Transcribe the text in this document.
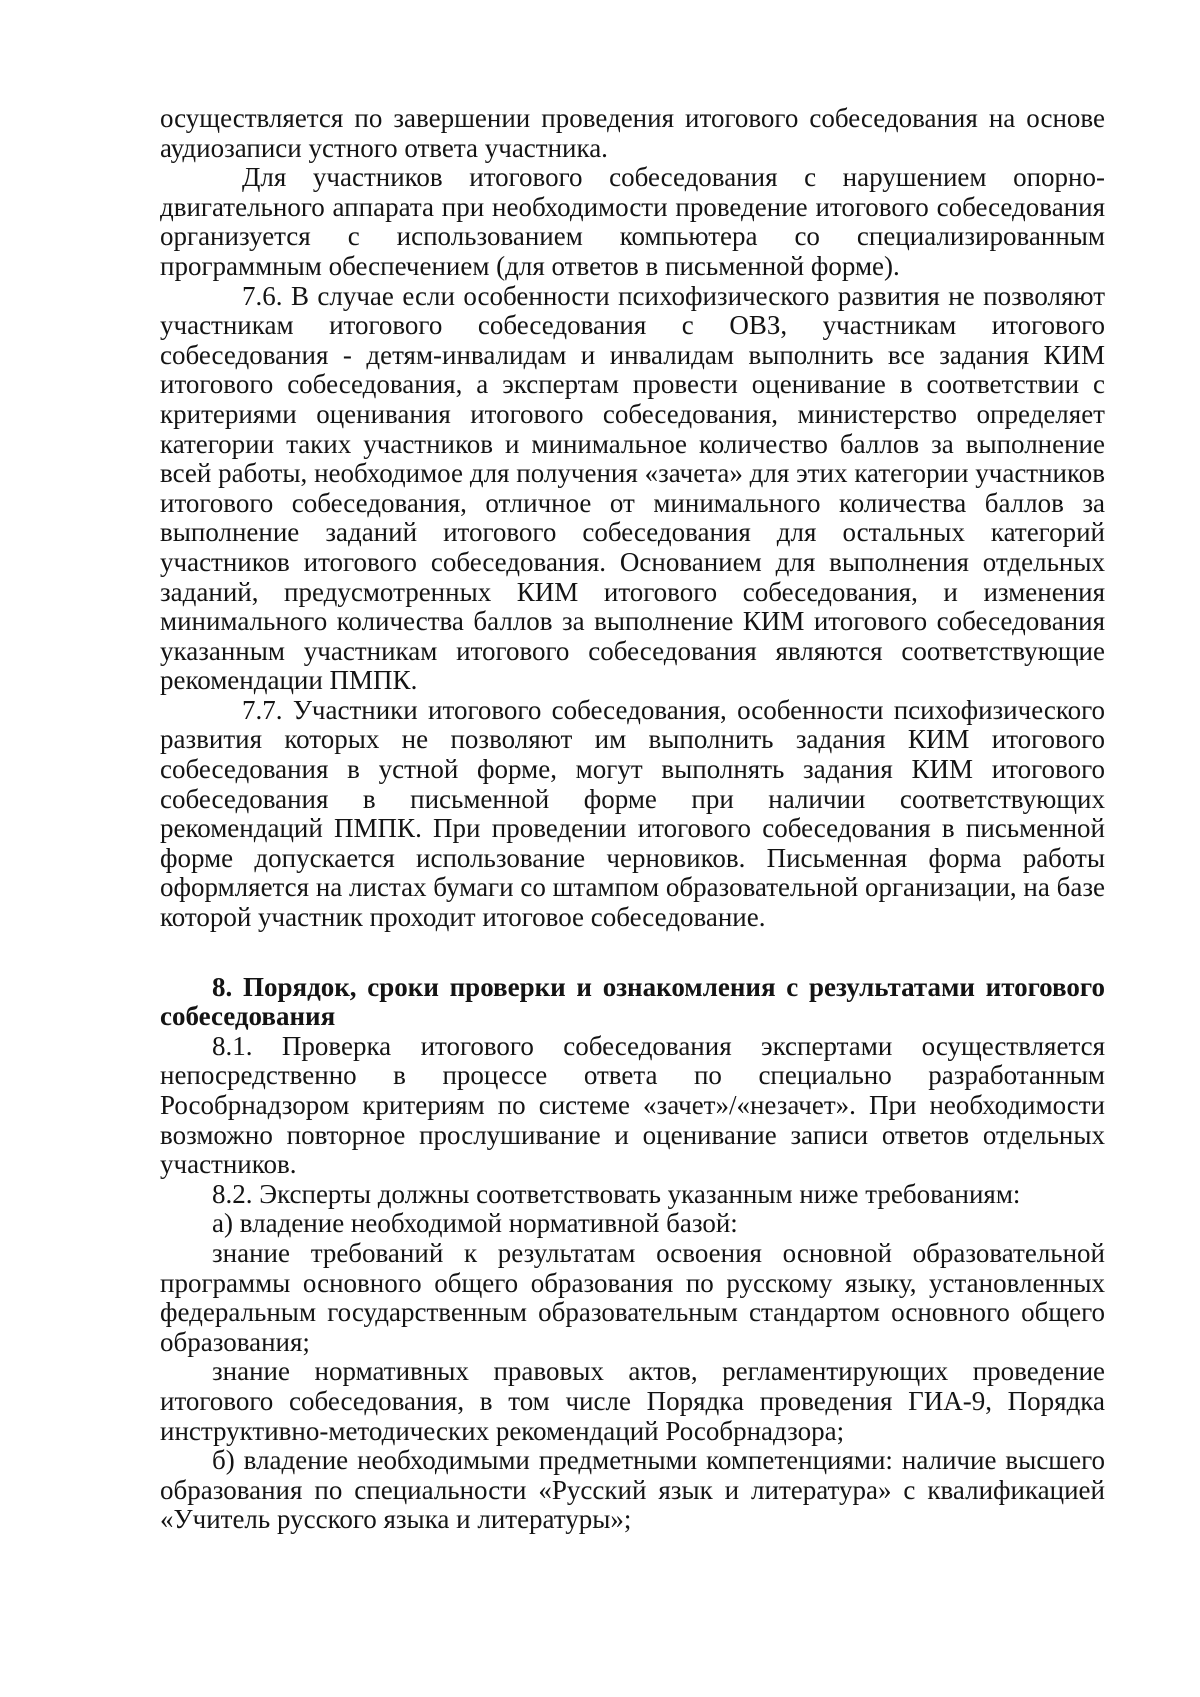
осуществляется по завершении проведения итогового собеседования на основе аудиозаписи устного ответа участника.

Для участников итогового собеседования с нарушением опорно-двигательного аппарата при необходимости проведение итогового собеседования организуется с использованием компьютера со специализированным программным обеспечением (для ответов в письменной форме).

7.6. В случае если особенности психофизического развития не позволяют участникам итогового собеседования с ОВЗ, участникам итогового собеседования - детям-инвалидам и инвалидам выполнить все задания КИМ итогового собеседования, а экспертам провести оценивание в соответствии с критериями оценивания итогового собеседования, министерство определяет категории таких участников и минимальное количество баллов за выполнение всей работы, необходимое для получения «зачета» для этих категории участников итогового собеседования, отличное от минимального количества баллов за выполнение заданий итогового собеседования для остальных категорий участников итогового собеседования. Основанием для выполнения отдельных заданий, предусмотренных КИМ итогового собеседования, и изменения минимального количества баллов за выполнение КИМ итогового собеседования указанным участникам итогового собеседования являются соответствующие рекомендации ПМПК.

7.7. Участники итогового собеседования, особенности психофизического развития которых не позволяют им выполнить задания КИМ итогового собеседования в устной форме, могут выполнять задания КИМ итогового собеседования в письменной форме при наличии соответствующих рекомендаций ПМПК. При проведении итогового собеседования в письменной форме допускается использование черновиков. Письменная форма работы оформляется на листах бумаги со штампом образовательной организации, на базе которой участник проходит итоговое собеседование.

8. Порядок, сроки проверки и ознакомления с результатами итогового собеседования

8.1. Проверка итогового собеседования экспертами осуществляется непосредственно в процессе ответа по специально разработанным Рособрнадзором критериям по системе «зачет»/«незачет». При необходимости возможно повторное прослушивание и оценивание записи ответов отдельных участников.

8.2. Эксперты должны соответствовать указанным ниже требованиям:

а) владение необходимой нормативной базой:

знание требований к результатам освоения основной образовательной программы основного общего образования по русскому языку, установленных федеральным государственным образовательным стандартом основного общего образования;

знание нормативных правовых актов, регламентирующих проведение итогового собеседования, в том числе Порядка проведения ГИА-9, Порядка инструктивно-методических рекомендаций Рособрнадзора;

б) владение необходимыми предметными компетенциями: наличие высшего образования по специальности «Русский язык и литература» с квалификацией «Учитель русского языка и литературы»;
